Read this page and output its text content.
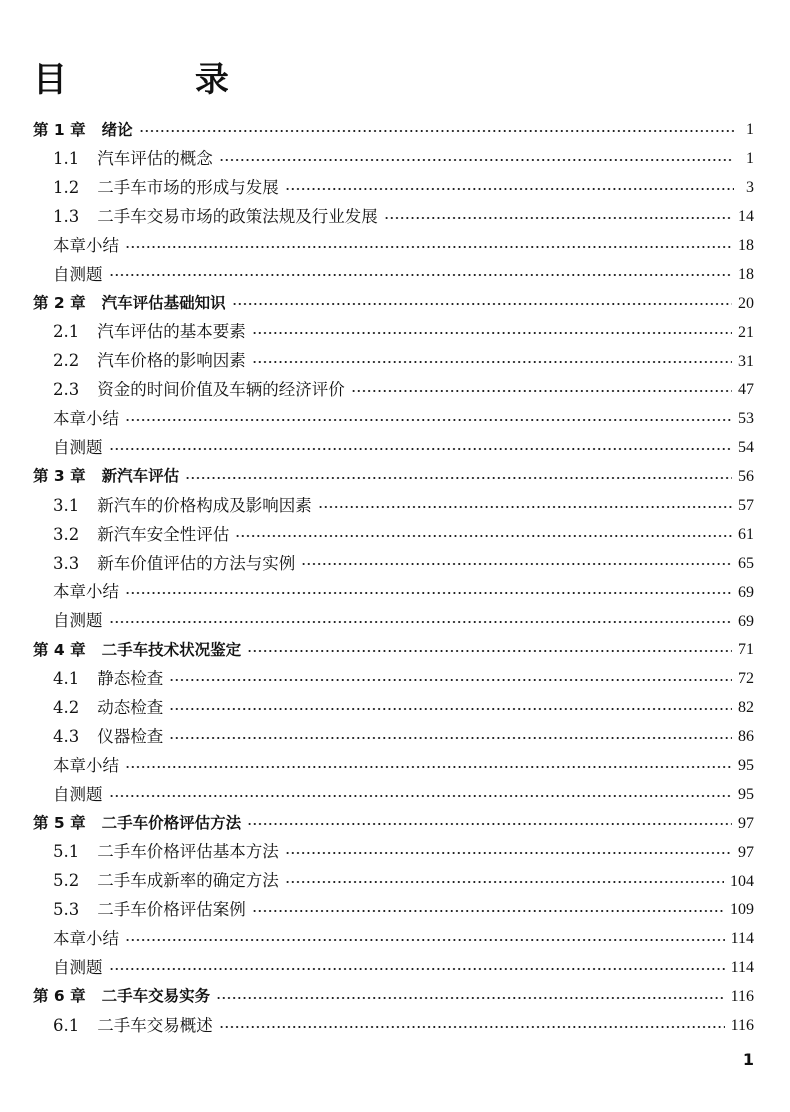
目 录
第 1 章 绪论	1
1.1 汽车评估的概念	1
1.2 二手车市场的形成与发展	3
1.3 二手车交易市场的政策法规及行业发展	14
本章小结	18
自测题	18
第 2 章 汽车评估基础知识	20
2.1 汽车评估的基本要素	21
2.2 汽车价格的影响因素	31
2.3 资金的时间价值及车辆的经济评价	47
本章小结	53
自测题	54
第 3 章 新汽车评估	56
3.1 新汽车的价格构成及影响因素	57
3.2 新汽车安全性评估	61
3.3 新车价值评估的方法与实例	65
本章小结	69
自测题	69
第 4 章 二手车技术状况鉴定	71
4.1 静态检查	72
4.2 动态检查	82
4.3 仪器检查	86
本章小结	95
自测题	95
第 5 章 二手车价格评估方法	97
5.1 二手车价格评估基本方法	97
5.2 二手车成新率的确定方法	104
5.3 二手车价格评估案例	109
本章小结	114
自测题	114
第 6 章 二手车交易实务	116
6.1 二手车交易概述	116
1
